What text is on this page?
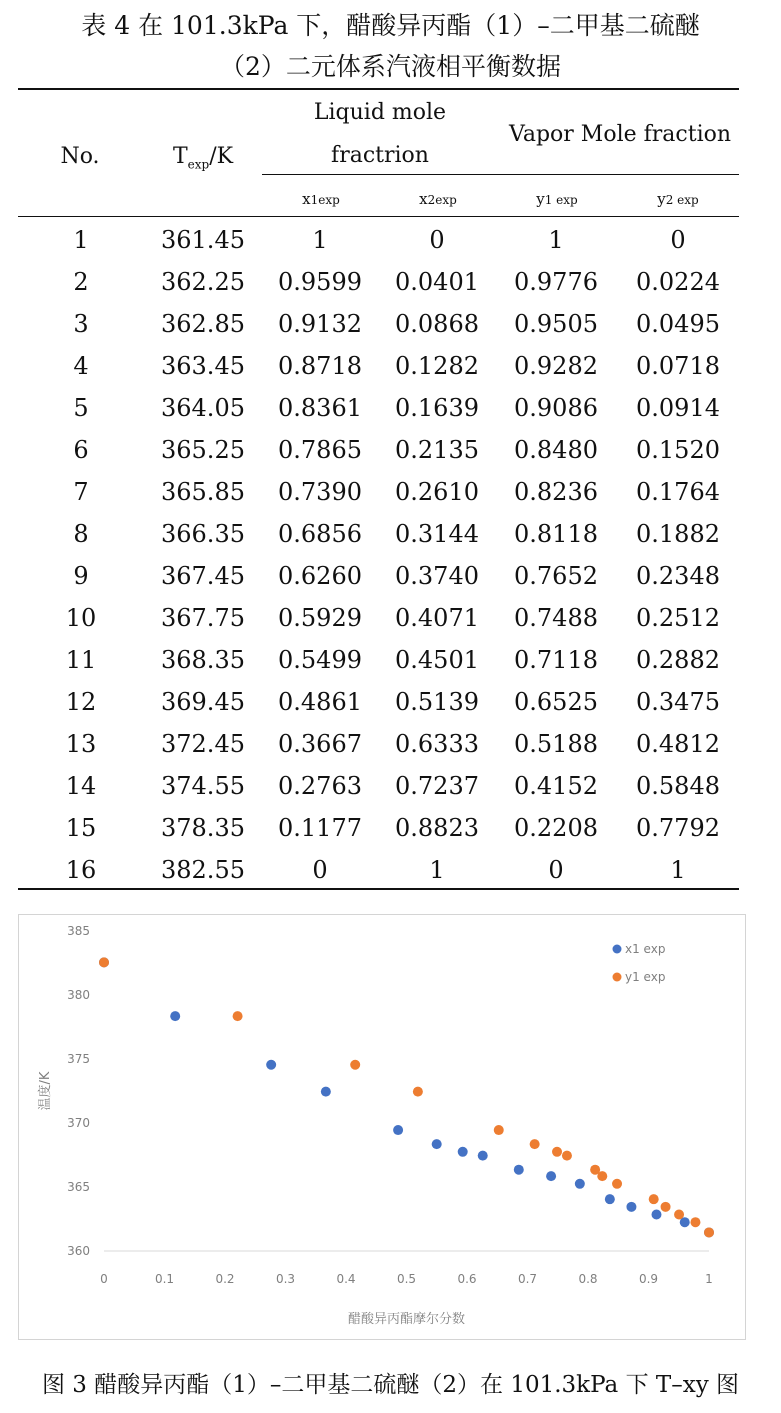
表 4 在 101.3kPa 下，醋酸异丙酯（1）–二甲基二硫醚
（2）二元体系汽液相平衡数据
No.	$T_{exp}/K$
Liquid mole
fractrion
Vapor Mole fraction
x1exp	x2exp	y1 exp	y2 exp
1	361.45	1	0	1	0
2	362.25	0.9599	0.0401	0.9776	0.0224
3	362.85	0.9132	0.0868	0.9505	0.0495
4	363.45	0.8718	0.1282	0.9282	0.0718
5	364.05	0.8361	0.1639	0.9086	0.0914
6	365.25	0.7865	0.2135	0.8480	0.1520
7	365.85	0.7390	0.2610	0.8236	0.1764
8	366.35	0.6856	0.3144	0.8118	0.1882
9	367.45	0.6260	0.3740	0.7652	0.2348
10	367.75	0.5929	0.4071	0.7488	0.2512
11	368.35	0.5499	0.4501	0.7118	0.2882
12	369.45	0.4861	0.5139	0.6525	0.3475
13	372.45	0.3667	0.6333	0.5188	0.4812
14	374.55	0.2763	0.7237	0.4152	0.5848
15	378.35	0.1177	0.8823	0.2208	0.7792
16	382.55	0	1	0	1
360
365
370
375
380
385
0	0.1	0.2	0.3	0.4	0.5	0.6	0.7	0.8	0.9	1
温度/K
醋酸异丙酯摩尔分数
x1 exp
y1 exp
图 3 醋酸异丙酯（1）–二甲基二硫醚（2）在 101.3kPa 下 T–xy 图
